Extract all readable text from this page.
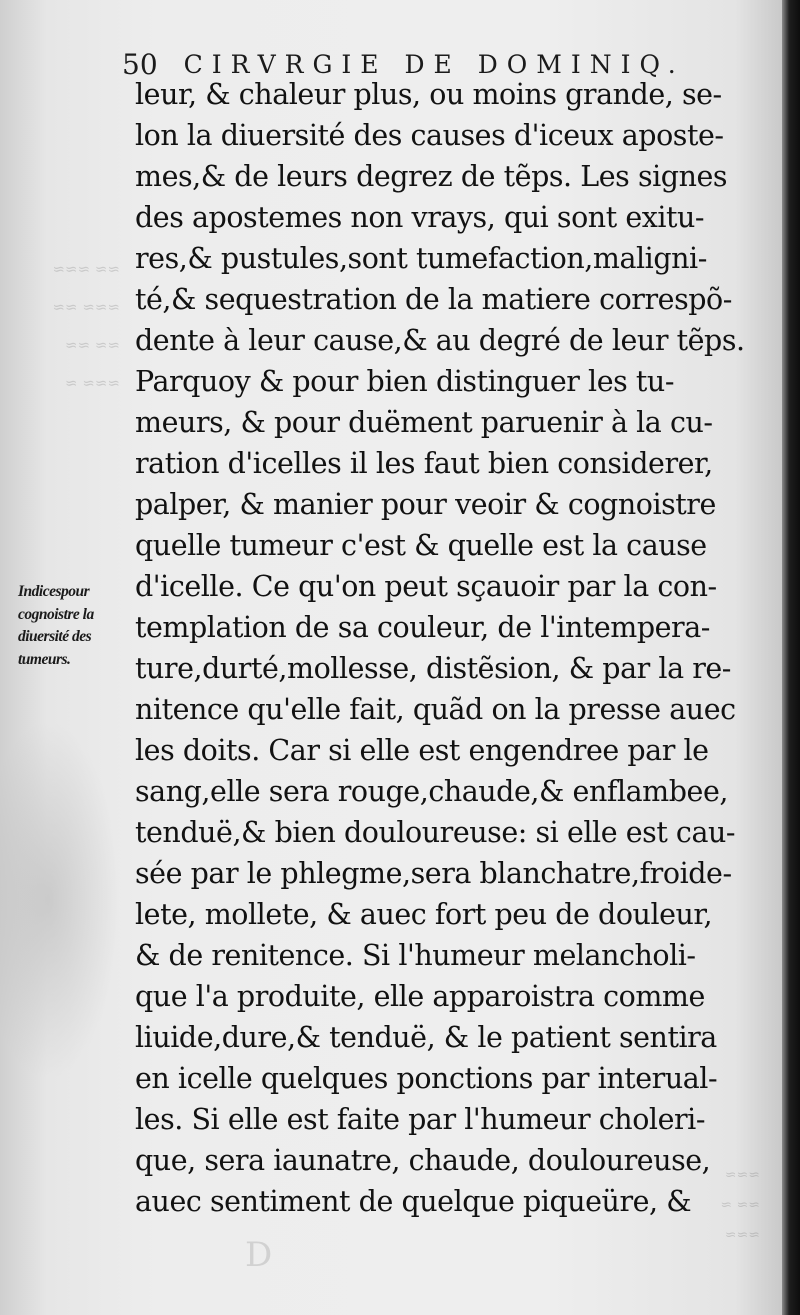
≈≈ ≈≈≈
≈≈≈ ≈≈
≈≈ ≈≈
≈≈≈ ≈
≈≈≈
≈≈ ≈
≈≈≈
D
50 CIRVRGIE DE DOMINIQ.
Indicespour
cognoistre la
diuersité des
tumeurs.
leur, & chaleur plus, ou moins grande, se-
lon la diuersité des causes d'iceux aposte-
mes,& de leurs degrez de tẽps. Les signes
des apostemes non vrays, qui sont exitu-
res,& pustules,sont tumefaction,maligni-
té,& sequestration de la matiere correspõ-
dente à leur cause,& au degré de leur tẽps.
Parquoy & pour bien distinguer les tu-
meurs, & pour duëment paruenir à la cu-
ration d'icelles il les faut bien considerer,
palper, & manier pour veoir & cognoistre
quelle tumeur c'est & quelle est la cause
d'icelle. Ce qu'on peut sçauoir par la con-
templation de sa couleur, de l'intempera-
ture,durté,mollesse, distẽsion, & par la re-
nitence qu'elle fait, quãd on la presse auec
les doits. Car si elle est engendree par le
sang,elle sera rouge,chaude,& enflambee,
tenduë,& bien douloureuse: si elle est cau-
sée par le phlegme,sera blanchatre,froide-
lete, mollete, & auec fort peu de douleur,
& de renitence. Si l'humeur melancholi-
que l'a produite, elle apparoistra comme
liuide,dure,& tenduë, & le patient sentira
en icelle quelques ponctions par interual-
les. Si elle est faite par l'humeur choleri-
que, sera iaunatre, chaude, douloureuse,
auec sentiment de quelque piqueüre, &
